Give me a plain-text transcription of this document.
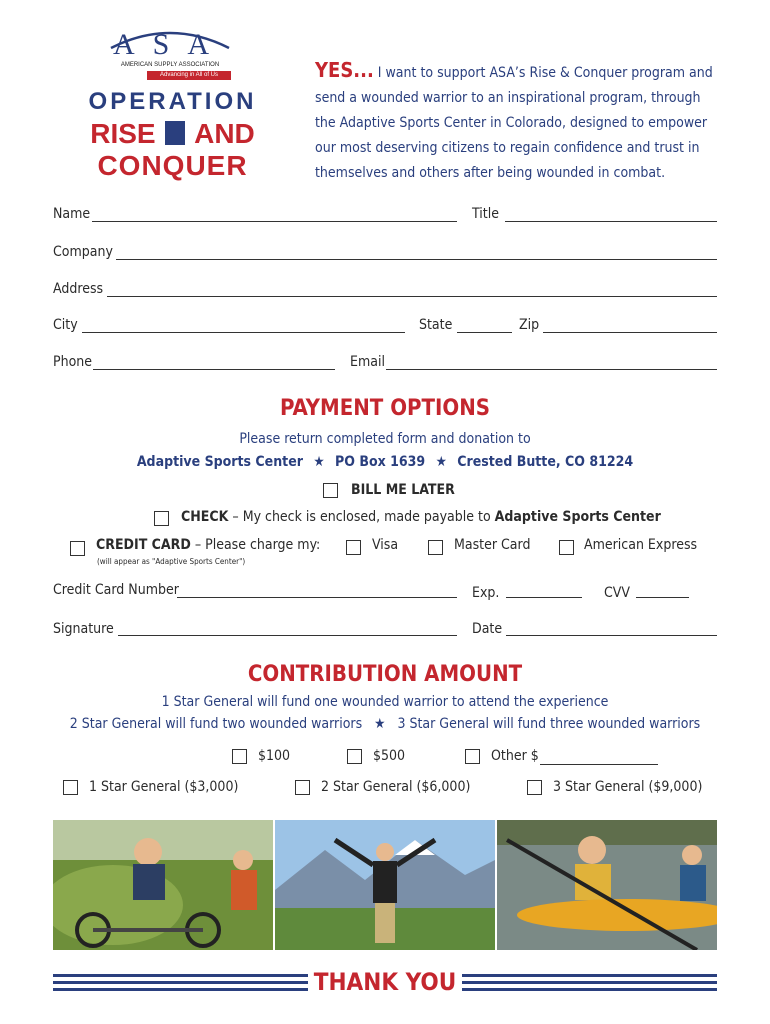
ASA
AMERICAN SUPPLY ASSOCIATION
Advancing in All of Us
OPERATION
RISE AND
CONQUER
YES... I want to support ASA’s Rise & Conquer program and send a wounded warrior to an inspirational program, through the Adaptive Sports Center in Colorado, designed to empower our most deserving citizens to regain confidence and trust in themselves and others after being wounded in combat.
Name	Title
Company
Address
City	State	Zip
Phone	Email
PAYMENT OPTIONS
Please return completed form and donation to
Adaptive Sports Center ★ PO Box 1639 ★ Crested Butte, CO 81224
BILL ME LATER
CHECK – My check is enclosed, made payable to Adaptive Sports Center
CREDIT CARD – Please charge my:
(will appear as "Adaptive Sports Center")
Visa	Master Card	American Express
Credit Card Number	Exp.	CVV
Signature	Date
CONTRIBUTION AMOUNT
1 Star General will fund one wounded warrior to attend the experience
2 Star General will fund two wounded warriors ★ 3 Star General will fund three wounded warriors
$100	$500	Other $
1 Star General ($3,000)	2 Star General ($6,000)	3 Star General ($9,000)
THANK YOU
